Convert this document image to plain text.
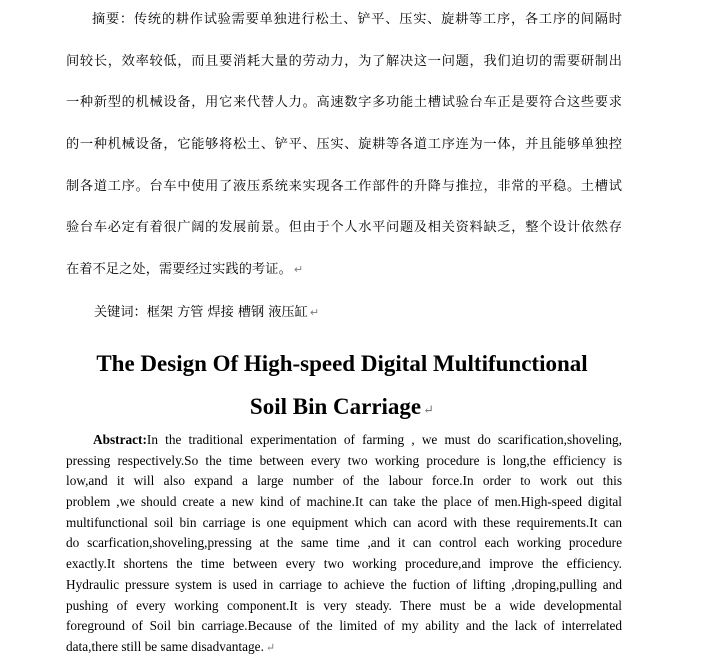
摘要：传统的耕作试验需要单独进行松土、铲平、压实、旋耕等工序，各工序的间隔时
间较长，效率较低，而且要消耗大量的劳动力，为了解决这一问题，我们迫切的需要研制出
一种新型的机械设备，用它来代替人力。高速数字多功能土槽试验台车正是要符合这些要求
的一种机械设备，它能够将松土、铲平、压实、旋耕等各道工序连为一体，并且能够单独控
制各道工序。台车中使用了液压系统来实现各工作部件的升降与推拉，非常的平稳。土槽试
验台车必定有着很广阔的发展前景。但由于个人水平问题及相关资料缺乏，整个设计依然存
在着不足之处，需要经过实践的考证。 ↵
关键词：框架 方管 焊接 槽钢 液压缸 ↵
The Design Of High-speed Digital Multifunctional
Soil Bin Carriage ↵
Abstract:In the traditional experimentation of farming , we must do scarification,shoveling,
pressing respectively.So the time between every two working procedure is long,the efficiency is
low,and it will also expand a large number of the labour force.In order to work out this
problem ,we should create a new kind of machine.It can take the place of men.High-speed digital
multifunctional soil bin carriage is one equipment which can acord with these requirements.It can
do scarfication,shoveling,pressing at the same time ,and it can control each working procedure
exactly.It shortens the time between every two working procedure,and improve the efficiency.
Hydraulic pressure system is used in carriage to achieve the fuction of lifting ,droping,pulling and
pushing of every working component.It is very steady. There must be a wide developmental
foreground of Soil bin carriage.Because of the limited of my ability and the lack of interrelated
data,there still be same disadvantage. ↵
